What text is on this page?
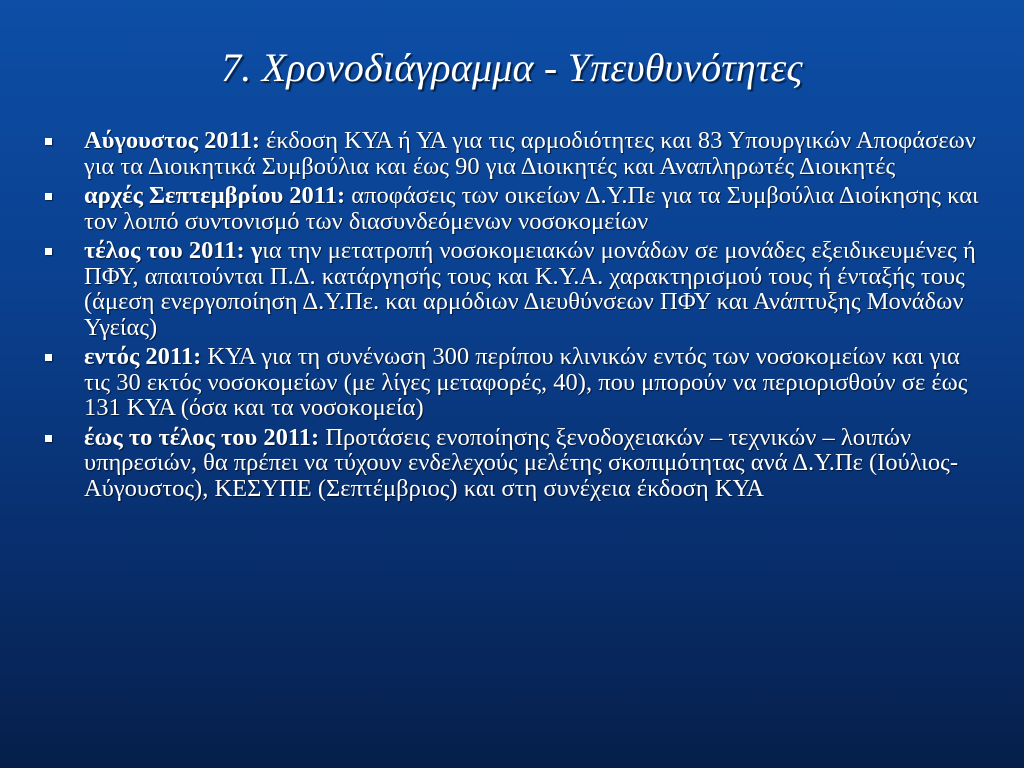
7. Χρονοδιάγραμμα - Υπευθυνότητες
Αύγουστος 2011: έκδοση ΚΥΑ ή ΥΑ για τις αρμοδιότητες και 83 Υπουργικών Αποφάσεων για τα Διοικητικά Συμβούλια και έως 90 για Διοικητές και Αναπληρωτές Διοικητές
αρχές Σεπτεμβρίου 2011: αποφάσεις των οικείων Δ.Υ.Πε για τα Συμβούλια Διοίκησης και τον λοιπό συντονισμό των διασυνδεόμενων νοσοκομείων
τέλος του 2011: για την μετατροπή νοσοκομειακών μονάδων σε μονάδες εξειδικευμένες ή ΠΦΥ, απαιτούνται Π.Δ. κατάργησής τους και Κ.Υ.Α. χαρακτηρισμού τους ή ένταξής τους (άμεση ενεργοποίηση Δ.Υ.Πε. και αρμόδιων Διευθύνσεων ΠΦΥ και Ανάπτυξης Μονάδων Υγείας)
εντός 2011: ΚΥΑ για τη συνένωση 300 περίπου κλινικών εντός των νοσοκομείων και για τις 30 εκτός νοσοκομείων (με λίγες μεταφορές, 40), που μπορούν να περιορισθούν σε έως 131 ΚΥΑ (όσα και τα νοσοκομεία)
έως το τέλος του 2011: Προτάσεις ενοποίησης ξενοδοχειακών – τεχνικών – λοιπών υπηρεσιών, θα πρέπει να τύχουν ενδελεχούς μελέτης σκοπιμότητας ανά Δ.Υ.Πε (Ιούλιος-Αύγουστος), ΚΕΣΥΠΕ (Σεπτέμβριος) και στη συνέχεια έκδοση ΚΥΑ
